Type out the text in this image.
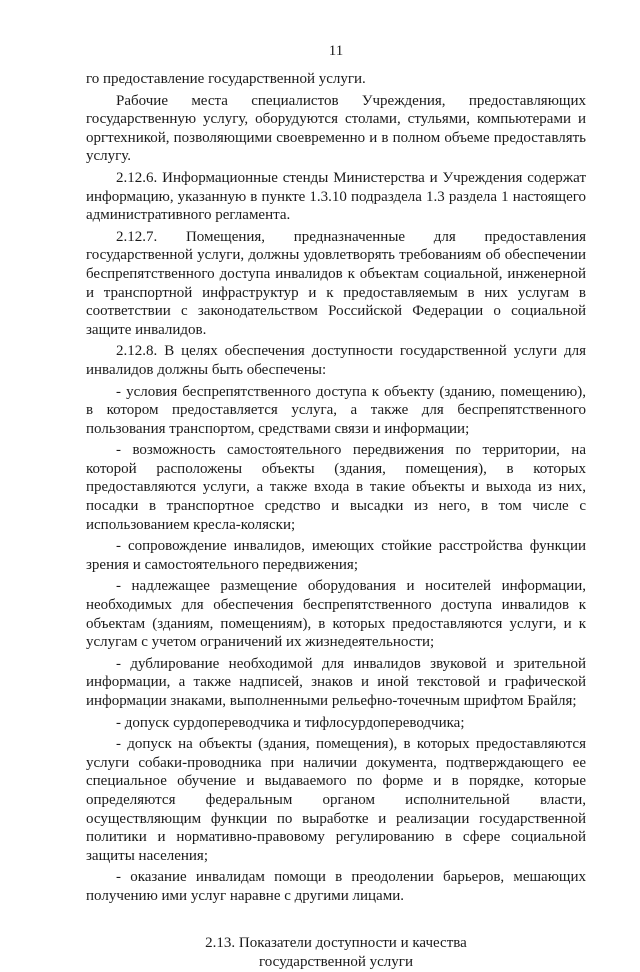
11

го предоставление государственной услуги.

Рабочие места специалистов Учреждения, предоставляющих государственную услугу, оборудуются столами, стульями, компьютерами и оргтехникой, позволяющими своевременно и в полном объеме предоставлять услугу.

2.12.6. Информационные стенды Министерства и Учреждения содержат информацию, указанную в пункте 1.3.10 подраздела 1.3 раздела 1 настоящего административного регламента.

2.12.7. Помещения, предназначенные для предоставления государственной услуги, должны удовлетворять требованиям об обеспечении беспрепятственного доступа инвалидов к объектам социальной, инженерной и транспортной инфраструктур и к предоставляемым в них услугам в соответствии с законодательством Российской Федерации о социальной защите инвалидов.

2.12.8. В целях обеспечения доступности государственной услуги для инвалидов должны быть обеспечены:

- условия беспрепятственного доступа к объекту (зданию, помещению), в котором предоставляется услуга, а также для беспрепятственного пользования транспортом, средствами связи и информации;

- возможность самостоятельного передвижения по территории, на которой расположены объекты (здания, помещения), в которых предоставляются услуги, а также входа в такие объекты и выхода из них, посадки в транспортное средство и высадки из него, в том числе с использованием кресла-коляски;

- сопровождение инвалидов, имеющих стойкие расстройства функции зрения и самостоятельного передвижения;

- надлежащее размещение оборудования и носителей информации, необходимых для обеспечения беспрепятственного доступа инвалидов к объектам (зданиям, помещениям), в которых предоставляются услуги, и к услугам с учетом ограничений их жизнедеятельности;

- дублирование необходимой для инвалидов звуковой и зрительной информации, а также надписей, знаков и иной текстовой и графической информации знаками, выполненными рельефно-точечным шрифтом Брайля;

- допуск сурдопереводчика и тифлосурдопереводчика;

- допуск на объекты (здания, помещения), в которых предоставляются услуги собаки-проводника при наличии документа, подтверждающего ее специальное обучение и выдаваемого по форме и в порядке, которые определяются федеральным органом исполнительной власти, осуществляющим функции по выработке и реализации государственной политики и нормативно-правовому регулированию в сфере социальной защиты населения;

- оказание инвалидам помощи в преодолении барьеров, мешающих получению ими услуг наравне с другими лицами.

2.13. Показатели доступности и качества
государственной услуги
